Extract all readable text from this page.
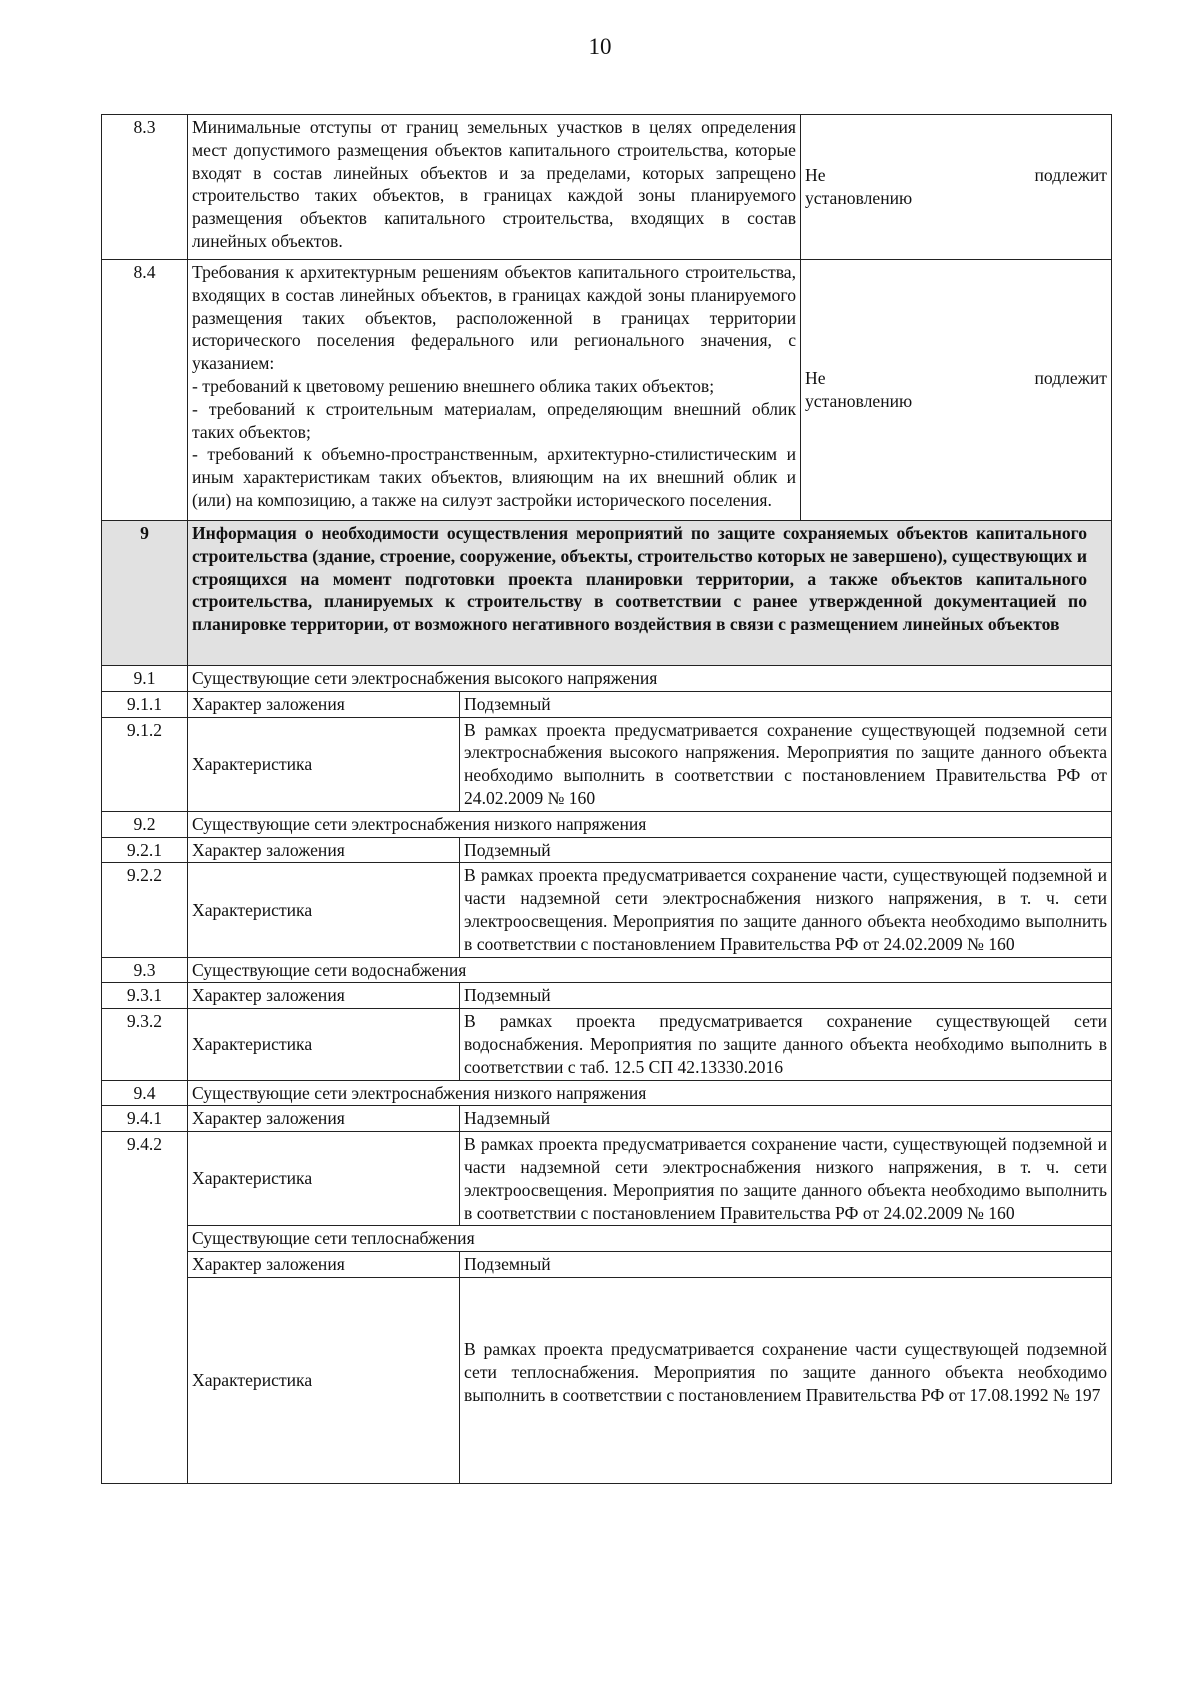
10
8.3	Минимальные отступы от границ земельных участков в целях определения мест допустимого размещения объектов капитального строительства, которые входят в состав линейных объектов и за пределами, которых запрещено строительство таких объектов, в границах каждой зоны планируемого размещения объектов капитального строительства, входящих в состав линейных объектов.		Не подлежит
установлению

8.4	Требования к архитектурным решениям объектов капитального строительства, входящих в состав линейных объектов, в границах каждой зоны планируемого размещения таких объектов, расположенной в границах территории исторического поселения федерального или регионального значения, с указанием:
- требований к цветовому решению внешнего облика таких объектов;
- требований к строительным материалам, определяющим внешний облик таких объектов;
- требований к объемно-пространственным, архитектурно-стилистическим и иным характеристикам таких объектов, влияющим на их внешний облик и (или) на композицию, а также на силуэт застройки исторического поселения.		Не подлежит
установлению

9	Информация о необходимости осуществления мероприятий по защите сохраняемых объектов капитального строительства (здание, строение, сооружение, объекты, строительство которых не завершено), существующих и строящихся на момент подготовки проекта планировки территории, а также объектов капитального строительства, планируемых к строительству в соответствии с ранее утвержденной документацией по планировке территории, от возможного негативного воздействия в связи с размещением линейных объектов		

9.1	Существующие сети электроснабжения высокого напряжения		
9.1.1	Характер заложения	Подземный	
9.1.2	Характеристика	В рамках проекта предусматривается сохранение существующей подземной сети электроснабжения высокого напряжения. Мероприятия по защите данного объекта необходимо выполнить в соответствии с постановлением Правительства РФ от 24.02.2009 № 160	

9.2	Существующие сети электроснабжения низкого напряжения		
9.2.1	Характер заложения	Подземный	
9.2.2	Характеристика	В рамках проекта предусматривается сохранение части, существующей подземной и части надземной сети электроснабжения низкого напряжения, в т. ч. сети электроосвещения. Мероприятия по защите данного объекта необходимо выполнить в соответствии с постановлением Правительства РФ от 24.02.2009 № 160	

9.3	Существующие сети водоснабжения		
9.3.1	Характер заложения	Подземный	
9.3.2	Характеристика	В рамках проекта предусматривается сохранение существующей сети водоснабжения. Мероприятия по защите данного объекта необходимо выполнить в соответствии с таб. 12.5 СП 42.13330.2016	

9.4	Существующие сети электроснабжения низкого напряжения		
9.4.1	Характер заложения	Надземный	
9.4.2	Характеристика	В рамках проекта предусматривается сохранение части, существующей подземной и части надземной сети электроснабжения низкого напряжения, в т. ч. сети электроосвещения. Мероприятия по защите данного объекта необходимо выполнить в соответствии с постановлением Правительства РФ от 24.02.2009 № 160	

	Существующие сети теплоснабжения		
	Характер заложения	Подземный	
	Характеристика	В рамках проекта предусматривается сохранение части существующей подземной сети теплоснабжения. Мероприятия по защите данного объекта необходимо выполнить в соответствии с постановлением Правительства РФ от 17.08.1992 № 197	
